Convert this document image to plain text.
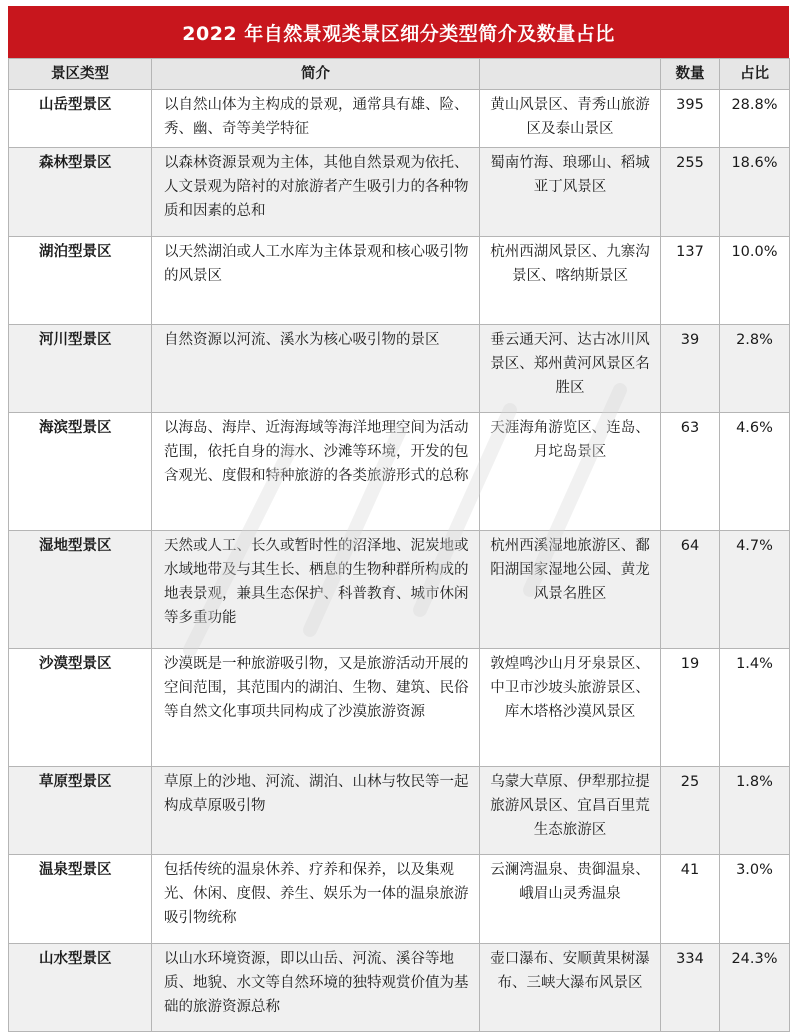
2022 年自然景观类景区细分类型简介及数量占比
景区类型	简介		数量	占比
山岳型景区	以自然山体为主构成的景观，通常具有雄、险、秀、幽、奇等美学特征	黄山风景区、青秀山旅游区及泰山景区	395	28.8%
森林型景区	以森林资源景观为主体，其他自然景观为依托、人文景观为陪衬的对旅游者产生吸引力的各种物质和因素的总和	蜀南竹海、琅琊山、稻城亚丁风景区	255	18.6%
湖泊型景区	以天然湖泊或人工水库为主体景观和核心吸引物的风景区	杭州西湖风景区、九寨沟景区、喀纳斯景区	137	10.0%
河川型景区	自然资源以河流、溪水为核心吸引物的景区	垂云通天河、达古冰川风景区、郑州黄河风景区名胜区	39	2.8%
海滨型景区	以海岛、海岸、近海海域等海洋地理空间为活动范围，依托自身的海水、沙滩等环境，开发的包含观光、度假和特种旅游的各类旅游形式的总称	天涯海角游览区、连岛、月坨岛景区	63	4.6%
湿地型景区	天然或人工、长久或暂时性的沼泽地、泥炭地或水域地带及与其生长、栖息的生物种群所构成的地表景观，兼具生态保护、科普教育、城市休闲等多重功能	杭州西溪湿地旅游区、鄱阳湖国家湿地公园、黄龙风景名胜区	64	4.7%
沙漠型景区	沙漠既是一种旅游吸引物，又是旅游活动开展的空间范围，其范围内的湖泊、生物、建筑、民俗等自然文化事项共同构成了沙漠旅游资源	敦煌鸣沙山月牙泉景区、中卫市沙坡头旅游景区、库木塔格沙漠风景区	19	1.4%
草原型景区	草原上的沙地、河流、湖泊、山林与牧民等一起构成草原吸引物	乌蒙大草原、伊犁那拉提旅游风景区、宜昌百里荒生态旅游区	25	1.8%
温泉型景区	包括传统的温泉休养、疗养和保养，以及集观光、休闲、度假、养生、娱乐为一体的温泉旅游吸引物统称	云澜湾温泉、贵御温泉、峨眉山灵秀温泉	41	3.0%
山水型景区	以山水环境资源，即以山岳、河流、溪谷等地质、地貌、水文等自然环境的独特观赏价值为基础的旅游资源总称	壶口瀑布、安顺黄果树瀑布、三峡大瀑布风景区	334	24.3%
